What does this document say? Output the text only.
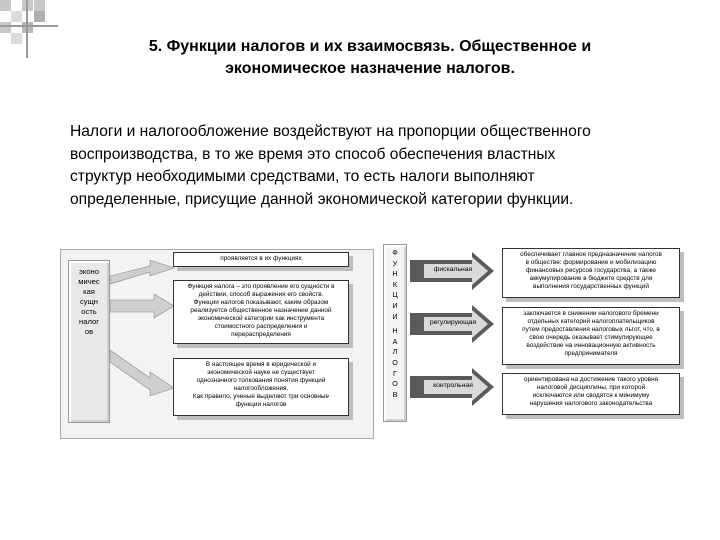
5. Функции налогов и их взаимосвязь. Общественное и
экономическое назначение налогов.
Налоги и налогообложение воздействуют на пропорции общественного
воспроизводства, в то же время это способ обеспечения властных
структур необходимыми средствами, то есть налоги выполняют
определенные, присущие данной экономической категории функции.
эконо
мичес
кая
сущн
ость
налог
ов
проявляется в их функциях
Функция налога – это проявление его сущности в
действии, способ выражения его свойств.
Функции налогов показывают, каким образом
реализуется общественное назначение данной
экономической категории как инструмента
стоимостного распределения и
перераспределения
В настоящее время в юридической и
экономической науке не существует
однозначного толкования понятия функций
налогообложения.
Как правило, ученые выделяют три основные
функции налогов
Ф
У
Н
К
Ц
И
И
Н
А
Л
О
Г
О
В
фискальная
регулирующая
контрольная
обеспечивает главное предназначение налогов
в обществе: формирование и мобилизацию
финансовых ресурсов государства, а также
аккумулирование в бюджете средств для
выполнения государственных функций
заключается в снижении налогового бремени
отдельных категорий налогоплательщиков
путем предоставления налоговых льгот, что, в
свою очередь оказывает стимулирующее
воздействие на инновационную активность
предпринимателя
ориентирована на достижение такого уровня
налоговой дисциплины, при которой
исключаются или сводятся к минимуму
нарушения налогового законодательства
